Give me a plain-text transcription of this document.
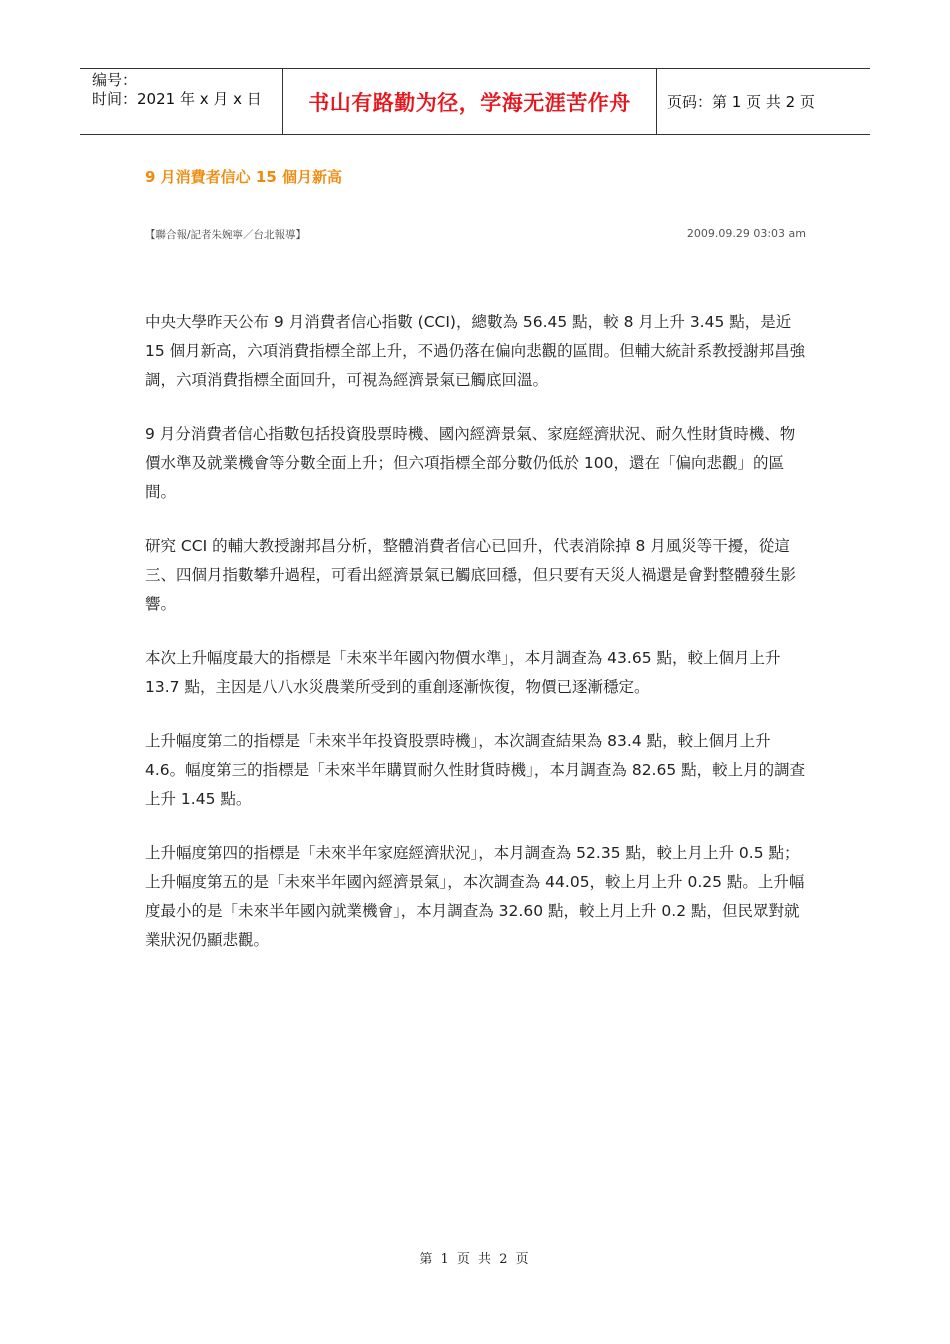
编号：
时间：2021 年 x 月 x 日	书山有路勤为径，学海无涯苦作舟	页码：第 1 页 共 2 页
9 月消費者信心 15 個月新高
【聯合報/記者朱婉寧／台北報導】	2009.09.29 03:03 am

中央大學昨天公布 9 月消費者信心指數 (CCI)，總數為 56.45 點，較 8 月上升 3.45 點，是近 15 個月新高，六項消費指標全部上升，不過仍落在偏向悲觀的區間。但輔大統計系教授謝邦昌強調，六項消費指標全面回升，可視為經濟景氣已觸底回溫。

9 月分消費者信心指數包括投資股票時機、國內經濟景氣、家庭經濟狀況、耐久性財貨時機、物價水準及就業機會等分數全面上升；但六項指標全部分數仍低於 100，還在「偏向悲觀」的區間。

研究 CCI 的輔大教授謝邦昌分析，整體消費者信心已回升，代表消除掉 8 月風災等干擾，從這三、四個月指數攀升過程，可看出經濟景氣已觸底回穩，但只要有天災人禍還是會對整體發生影響。

本次上升幅度最大的指標是「未來半年國內物價水準」，本月調查為 43.65 點，較上個月上升 13.7 點，主因是八八水災農業所受到的重創逐漸恢復，物價已逐漸穩定。

上升幅度第二的指標是「未來半年投資股票時機」，本次調查結果為 83.4 點，較上個月上升 4.6。幅度第三的指標是「未來半年購買耐久性財貨時機」，本月調查為 82.65 點，較上月的調查上升 1.45 點。

上升幅度第四的指標是「未來半年家庭經濟狀況」，本月調查為 52.35 點，較上月上升 0.5 點；上升幅度第五的是「未來半年國內經濟景氣」，本次調查為 44.05，較上月上升 0.25 點。上升幅度最小的是「未來半年國內就業機會」，本月調查為 32.60 點，較上月上升 0.2 點，但民眾對就業狀況仍顯悲觀。

第 1 页 共 2 页
